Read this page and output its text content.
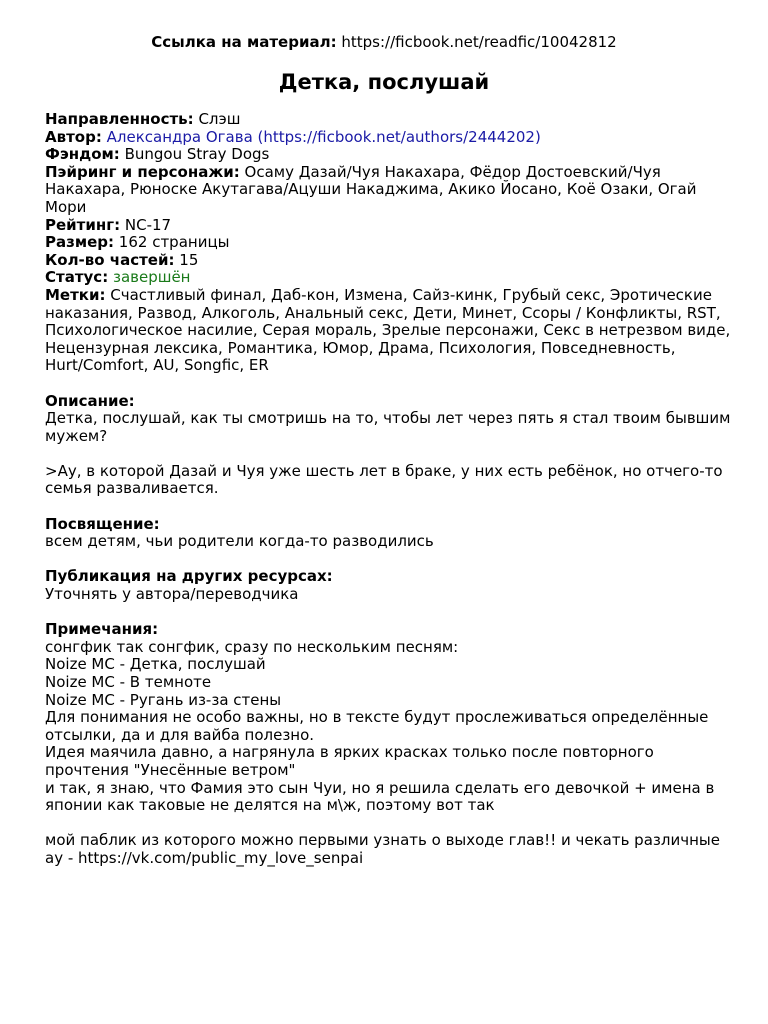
Ссылка на материал: https://ficbook.net/readfic/10042812
Детка, послушай

Направленность: Слэш

Автор: Александра Огава (https://ficbook.net/authors/2444202)

Фэндом: Bungou Stray Dogs

Пэйринг и персонажи: Осаму Дазай/Чуя Накахара, Фёдор Достоевский/Чуя Накахара, Рюноске Акутагава/Ацуши Накаджима, Акико Йосано, Коё Озаки, Огай Мори

Рейтинг: NC-17

Размер: 162 страницы

Кол-во частей: 15

Статус: завершён

Метки: Счастливый финал, Даб-кон, Измена, Сайз-кинк, Грубый секс, Эротические наказания, Развод, Алкоголь, Анальный секс, Дети, Минет, Ссоры / Конфликты, RST, Психологическое насилие, Серая мораль, Зрелые персонажи, Секс в нетрезвом виде, Нецензурная лексика, Романтика, Юмор, Драма, Психология, Повседневность, Hurt/Comfort, AU, Songfic, ER

Описание:

Детка, послушай, как ты смотришь на то, чтобы лет через пять я стал твоим бывшим мужем?

>Ау, в которой Дазай и Чуя уже шесть лет в браке, у них есть ребёнок, но отчего-то семья разваливается.

Посвящение:

всем детям, чьи родители когда-то разводились

Публикация на других ресурсах:

Уточнять у автора/переводчика

Примечания:

сонгфик так сонгфик, сразу по нескольким песням:

Noize MC - Детка, послушай

Noize MC - В темноте

Noize MC - Ругань из-за стены

Для понимания не особо важны, но в тексте будут прослеживаться определённые отсылки, да и для вайба полезно.

Идея маячила давно, а нагрянула в ярких красках только после повторного прочтения "Унесённые ветром"

и так, я знаю, что Фамия это сын Чуи, но я решила сделать его девочкой + имена в японии как таковые не делятся на м\ж, поэтому вот так

мой паблик из которого можно первыми узнать о выходе глав!! и чекать различные ау - https://vk.com/public_my_love_senpai
